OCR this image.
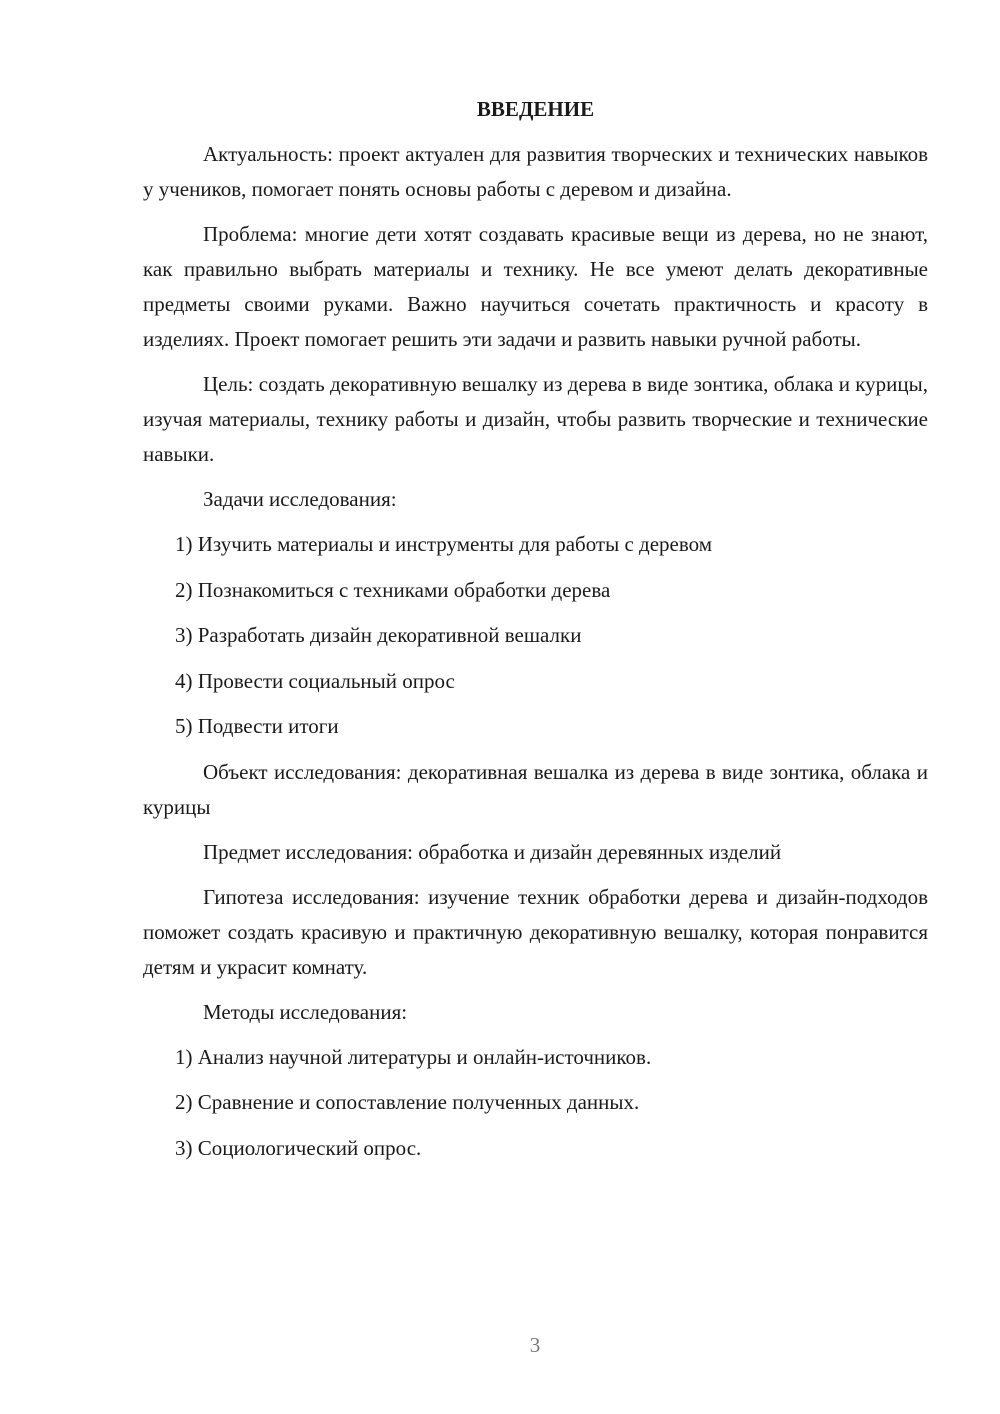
ВВЕДЕНИЕ

Актуальность: проект актуален для развития творческих и технических навыков у учеников, помогает понять основы работы с деревом и дизайна.

Проблема: многие дети хотят создавать красивые вещи из дерева, но не знают, как правильно выбрать материалы и технику. Не все умеют делать декоративные предметы своими руками. Важно научиться сочетать практичность и красоту в изделиях. Проект помогает решить эти задачи и развить навыки ручной работы.

Цель: создать декоративную вешалку из дерева в виде зонтика, облака и курицы, изучая материалы, технику работы и дизайн, чтобы развить творческие и технические навыки.

Задачи исследования:

1) Изучить материалы и инструменты для работы с деревом
2) Познакомиться с техниками обработки дерева
3) Разработать дизайн декоративной вешалки
4) Провести социальный опрос
5) Подвести итоги

Объект исследования: декоративная вешалка из дерева в виде зонтика, облака и курицы

Предмет исследования: обработка и дизайн деревянных изделий

Гипотеза исследования: изучение техник обработки дерева и дизайн-подходов поможет создать красивую и практичную декоративную вешалку, которая понравится детям и украсит комнату.

Методы исследования:

1) Анализ научной литературы и онлайн-источников.
2) Сравнение и сопоставление полученных данных.
3) Социологический опрос.
3
